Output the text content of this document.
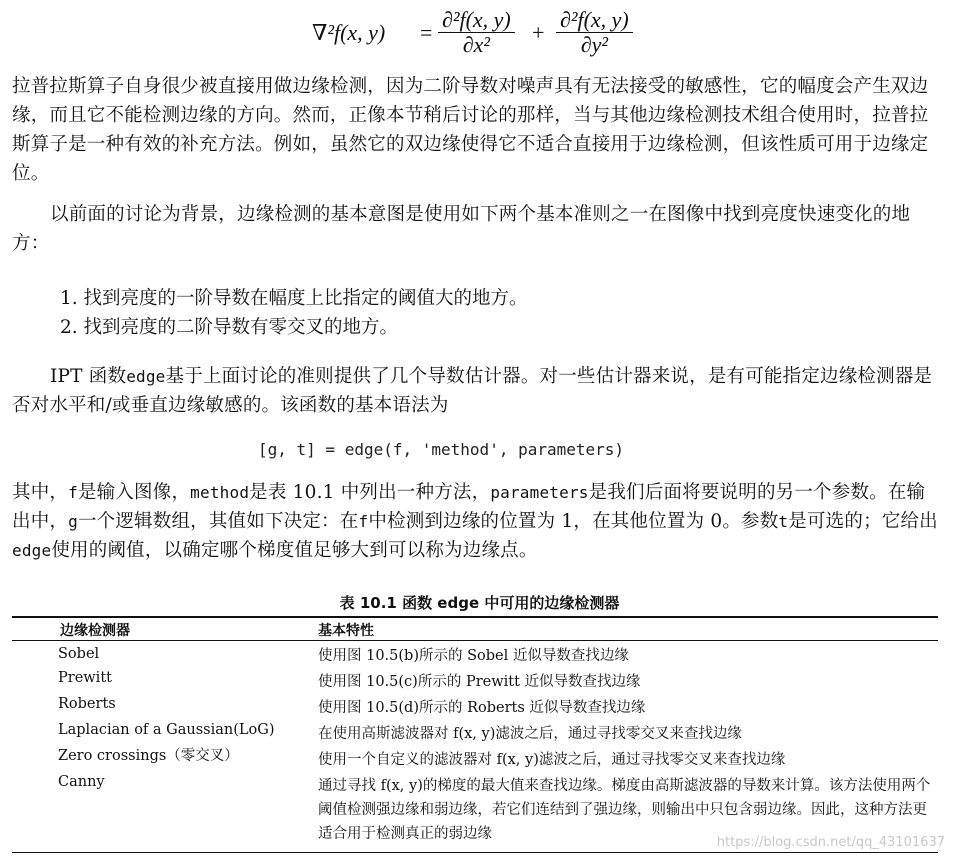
∇²f(x, $y) = \frac{\text{∂²f(x, y)}}{\text{∂x²}} + \frac{\text{∂²f(x, y)}}{\text{∂y²}}$
拉普拉斯算子自身很少被直接用做边缘检测，因为二阶导数对噪声具有无法接受的敏感性，它的幅度会产生双边缘，而且它不能检测边缘的方向。然而，正像本节稍后讨论的那样，当与其他边缘检测技术组合使用时，拉普拉斯算子是一种有效的补充方法。例如，虽然它的双边缘使得它不适合直接用于边缘检测，但该性质可用于边缘定位。
以前面的讨论为背景，边缘检测的基本意图是使用如下两个基本准则之一在图像中找到亮度快速变化的地方：
1. 找到亮度的一阶导数在幅度上比指定的阈值大的地方。
2. 找到亮度的二阶导数有零交叉的地方。
IPT 函数edge基于上面讨论的准则提供了几个导数估计器。对一些估计器来说，是有可能指定边缘检测器是否对水平和/或垂直边缘敏感的。该函数的基本语法为
[g, t] = edge(f, 'method', parameters)
其中，f是输入图像，method是表 10.1 中列出一种方法，parameters是我们后面将要说明的另一个参数。在输出中，g一个逻辑数组，其值如下决定：在f中检测到边缘的位置为 1，在其他位置为 0。参数t是可选的；它给出edge使用的阈值，以确定哪个梯度值足够大到可以称为边缘点。
表 10.1 函数 edge 中可用的边缘检测器
边缘检测器	基本特性
Sobel	使用图 10.5(b)所示的 Sobel 近似导数查找边缘
Prewitt	使用图 10.5(c)所示的 Prewitt 近似导数查找边缘
Roberts	使用图 10.5(d)所示的 Roberts 近似导数查找边缘
Laplacian of a Gaussian(LoG)	在使用高斯滤波器对 f(x, y)滤波之后，通过寻找零交叉来查找边缘
Zero crossings（零交叉）	使用一个自定义的滤波器对 f(x, y)滤波之后，通过寻找零交叉来查找边缘
Canny	通过寻找 f(x, y)的梯度的最大值来查找边缘。梯度由高斯滤波器的导数来计算。该方法使用两个阈值检测强边缘和弱边缘，若它们连结到了强边缘，则输出中只包含弱边缘。因此，这种方法更适合用于检测真正的弱边缘
https://blog.csdn.net/qq_43101637
